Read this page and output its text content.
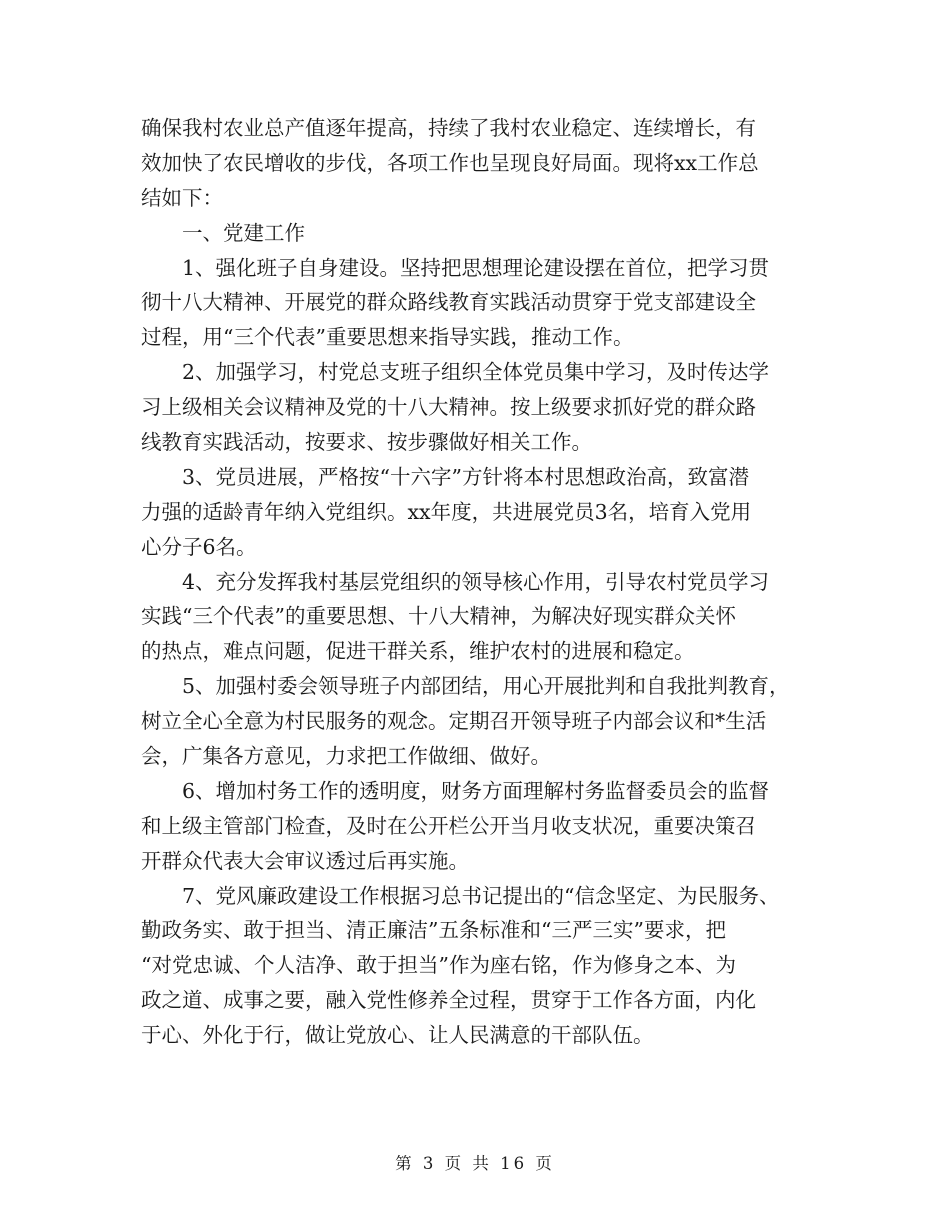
确保我村农业总产值逐年提高，持续了我村农业稳定、连续增长，有
效加快了农民增收的步伐，各项工作也呈现良好局面。现将xx工作总
结如下：
一、党建工作
1、强化班子自身建设。坚持把思想理论建设摆在首位，把学习贯
彻十八大精神、开展党的群众路线教育实践活动贯穿于党支部建设全
过程，用“三个代表”重要思想来指导实践，推动工作。
2、加强学习，村党总支班子组织全体党员集中学习，及时传达学
习上级相关会议精神及党的十八大精神。按上级要求抓好党的群众路
线教育实践活动，按要求、按步骤做好相关工作。
3、党员进展，严格按“十六字”方针将本村思想政治高，致富潜
力强的适龄青年纳入党组织。xx年度，共进展党员3名，培育入党用
心分子6名。
4、充分发挥我村基层党组织的领导核心作用，引导农村党员学习
实践“三个代表”的重要思想、十八大精神，为解决好现实群众关怀
的热点，难点问题，促进干群关系，维护农村的进展和稳定。
5、加强村委会领导班子内部团结，用心开展批判和自我批判教育，
树立全心全意为村民服务的观念。定期召开领导班子内部会议和*生活
会，广集各方意见，力求把工作做细、做好。
6、增加村务工作的透明度，财务方面理解村务监督委员会的监督
和上级主管部门检查，及时在公开栏公开当月收支状况，重要决策召
开群众代表大会审议透过后再实施。
7、党风廉政建设工作根据习总书记提出的“信念坚定、为民服务、
勤政务实、敢于担当、清正廉洁”五条标准和“三严三实”要求，把
“对党忠诚、个人洁净、敢于担当”作为座右铭，作为修身之本、为
政之道、成事之要，融入党性修养全过程，贯穿于工作各方面，内化
于心、外化于行，做让党放心、让人民满意的干部队伍。
第 3 页 共 16 页
